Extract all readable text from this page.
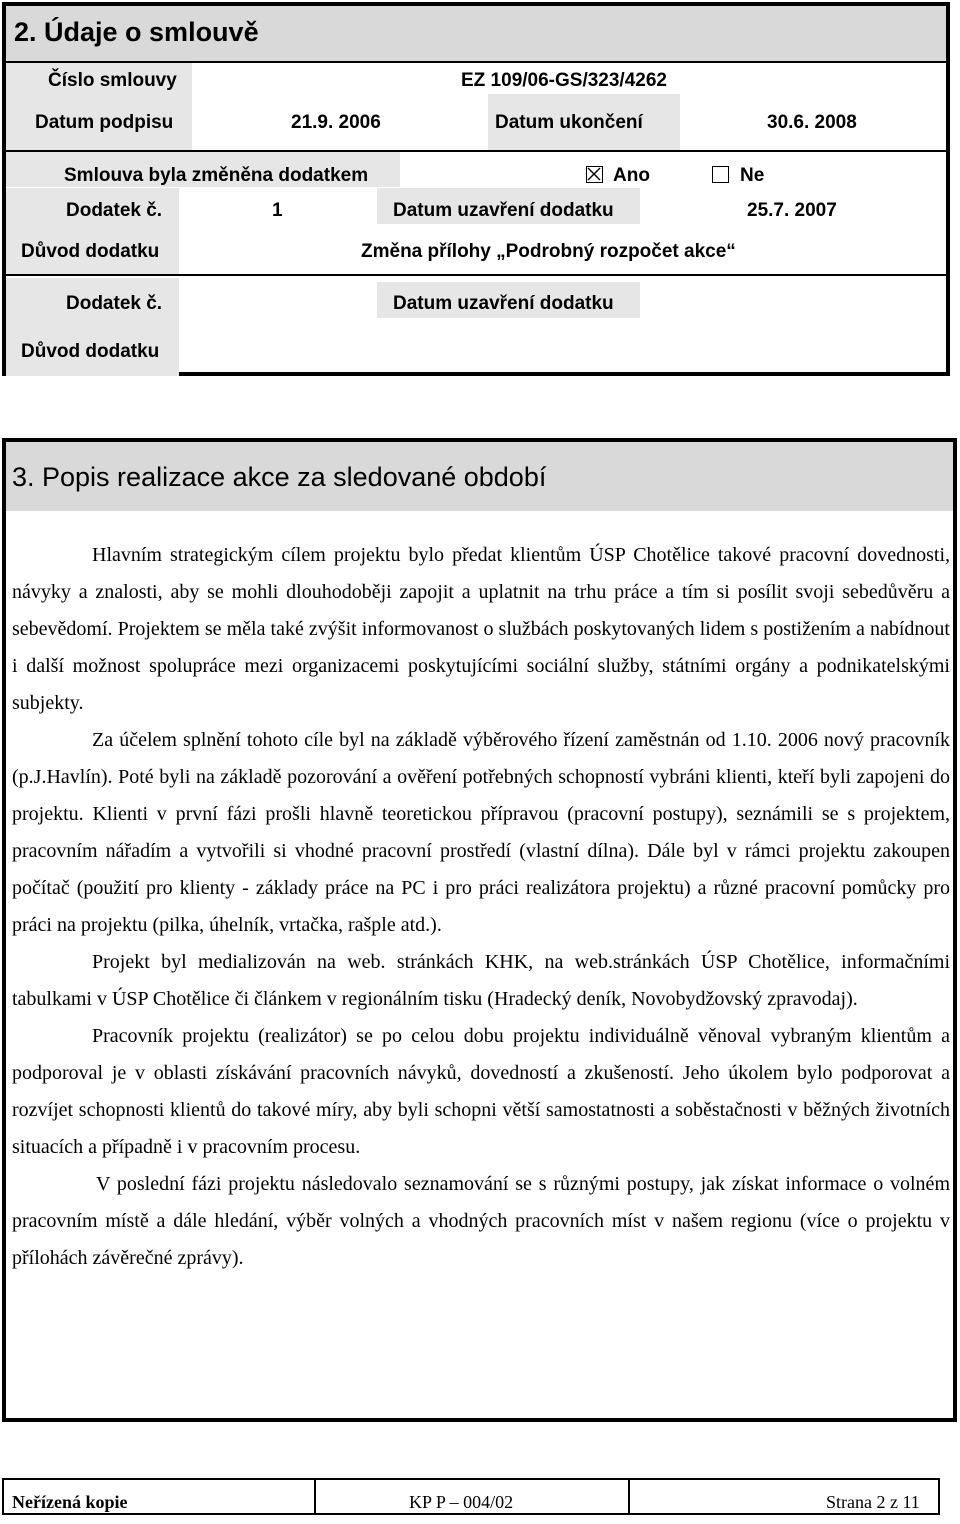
2. Údaje o smlouvě
Číslo smlouvy	EZ 109/06-GS/323/4262
Datum podpisu	21.9. 2006	Datum ukončení	30.6. 2008
Smlouva byla změněna dodatkem	Ano	Ne
Dodatek č.	1	Datum uzavření dodatku	25.7. 2007
Důvod dodatku	Změna přílohy „Podrobný rozpočet akce“
Dodatek č.	Datum uzavření dodatku
Důvod dodatku
3. Popis realizace akce za sledované období

Hlavním strategickým cílem projektu bylo předat klientům ÚSP Chotělice takové pracovní dovednosti, návyky a znalosti, aby se mohli dlouhodoběji zapojit a uplatnit na trhu práce a tím si posílit svoji sebedůvěru a sebevědomí. Projektem se měla také zvýšit informovanost o službách poskytovaných lidem s postižením a nabídnout i další možnost spolupráce mezi organizacemi poskytujícími sociální služby, státními orgány a podnikatelskými subjekty.

Za účelem splnění tohoto cíle byl na základě výběrového řízení zaměstnán od 1.10. 2006 nový pracovník (p.J.Havlín). Poté byli na základě pozorování a ověření potřebných schopností vybráni klienti, kteří byli zapojeni do projektu. Klienti v první fázi prošli hlavně teoretickou přípravou (pracovní postupy), seznámili se s projektem, pracovním nářadím a vytvořili si vhodné pracovní prostředí (vlastní dílna). Dále byl v rámci projektu zakoupen počítač (použití pro klienty - základy práce na PC i pro práci realizátora projektu) a různé pracovní pomůcky pro práci na projektu (pilka, úhelník, vrtačka, rašple atd.).

Projekt byl medializován na web. stránkách KHK, na web.stránkách ÚSP Chotělice, informačními tabulkami v ÚSP Chotělice či článkem v regionálním tisku (Hradecký deník, Novobydžovský zpravodaj).

Pracovník projektu (realizátor) se po celou dobu projektu individuálně věnoval vybraným klientům a podporoval je v oblasti získávání pracovních návyků, dovedností a zkušeností. Jeho úkolem bylo podporovat a rozvíjet schopnosti klientů do takové míry, aby byli schopni větší samostatnosti a soběstačnosti v běžných životních situacích a případně i v pracovním procesu.

V poslední fázi projektu následovalo seznamování se s různými postupy, jak získat informace o volném pracovním místě a dále hledání, výběr volných a vhodných pracovních míst v našem regionu (více o projektu v přílohách závěrečné zprávy).

Neřízená kopie	KP P – 004/02	Strana 2 z 11
